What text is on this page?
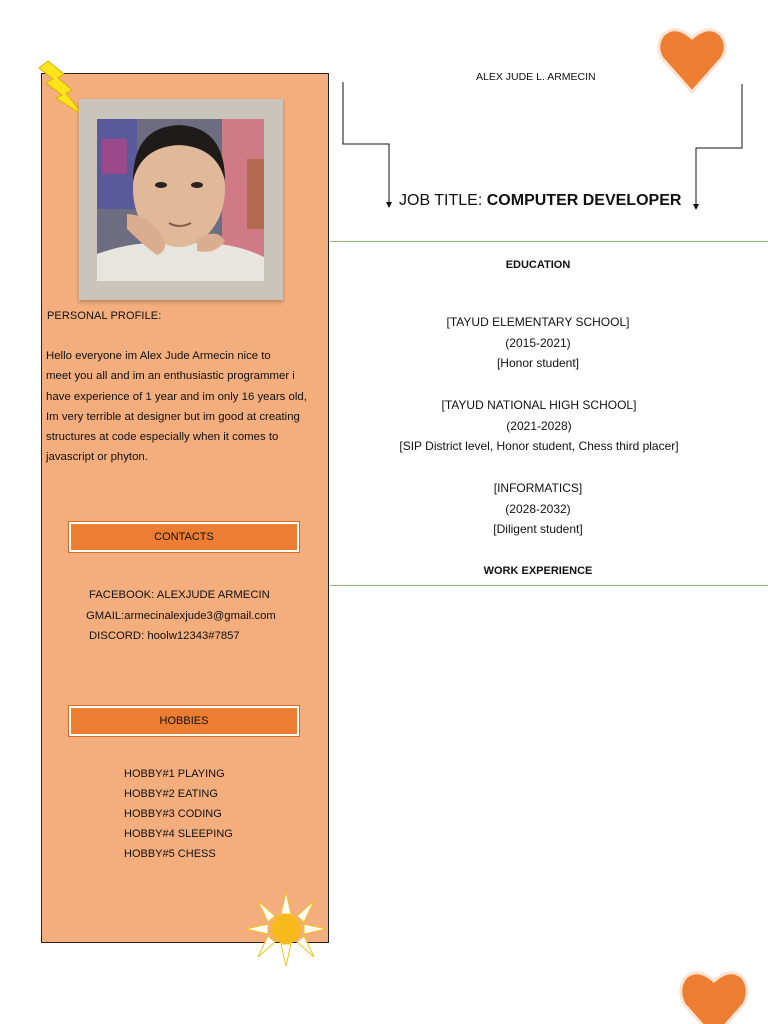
PERSONAL PROFILE:
Hello everyone im Alex Jude Armecin nice to
meet you all and im an enthusiastic programmer i
have experience of 1 year and im only 16 years old,
Im very terrible at designer but im good at creating
structures at code especially when it comes to
javascript or phyton.
CONTACTS
FACEBOOK: ALEXJUDE ARMECIN
GMAIL:armecinalexjude3@gmail.com
DISCORD: hoolw12343#7857
HOBBIES
HOBBY#1 PLAYING
HOBBY#2 EATING
HOBBY#3 CODING
HOBBY#4 SLEEPING
HOBBY#5 CHESS
ALEX JUDE L. ARMECIN
JOB TITLE: COMPUTER DEVELOPER
EDUCATION
[TAYUD ELEMENTARY SCHOOL]
(2015-2021)
[Honor student]
[TAYUD NATIONAL HIGH SCHOOL]
(2021-2028)
[SIP District level, Honor student, Chess third placer]
[INFORMATICS]
(2028-2032)
[Diligent student]
WORK EXPERIENCE
